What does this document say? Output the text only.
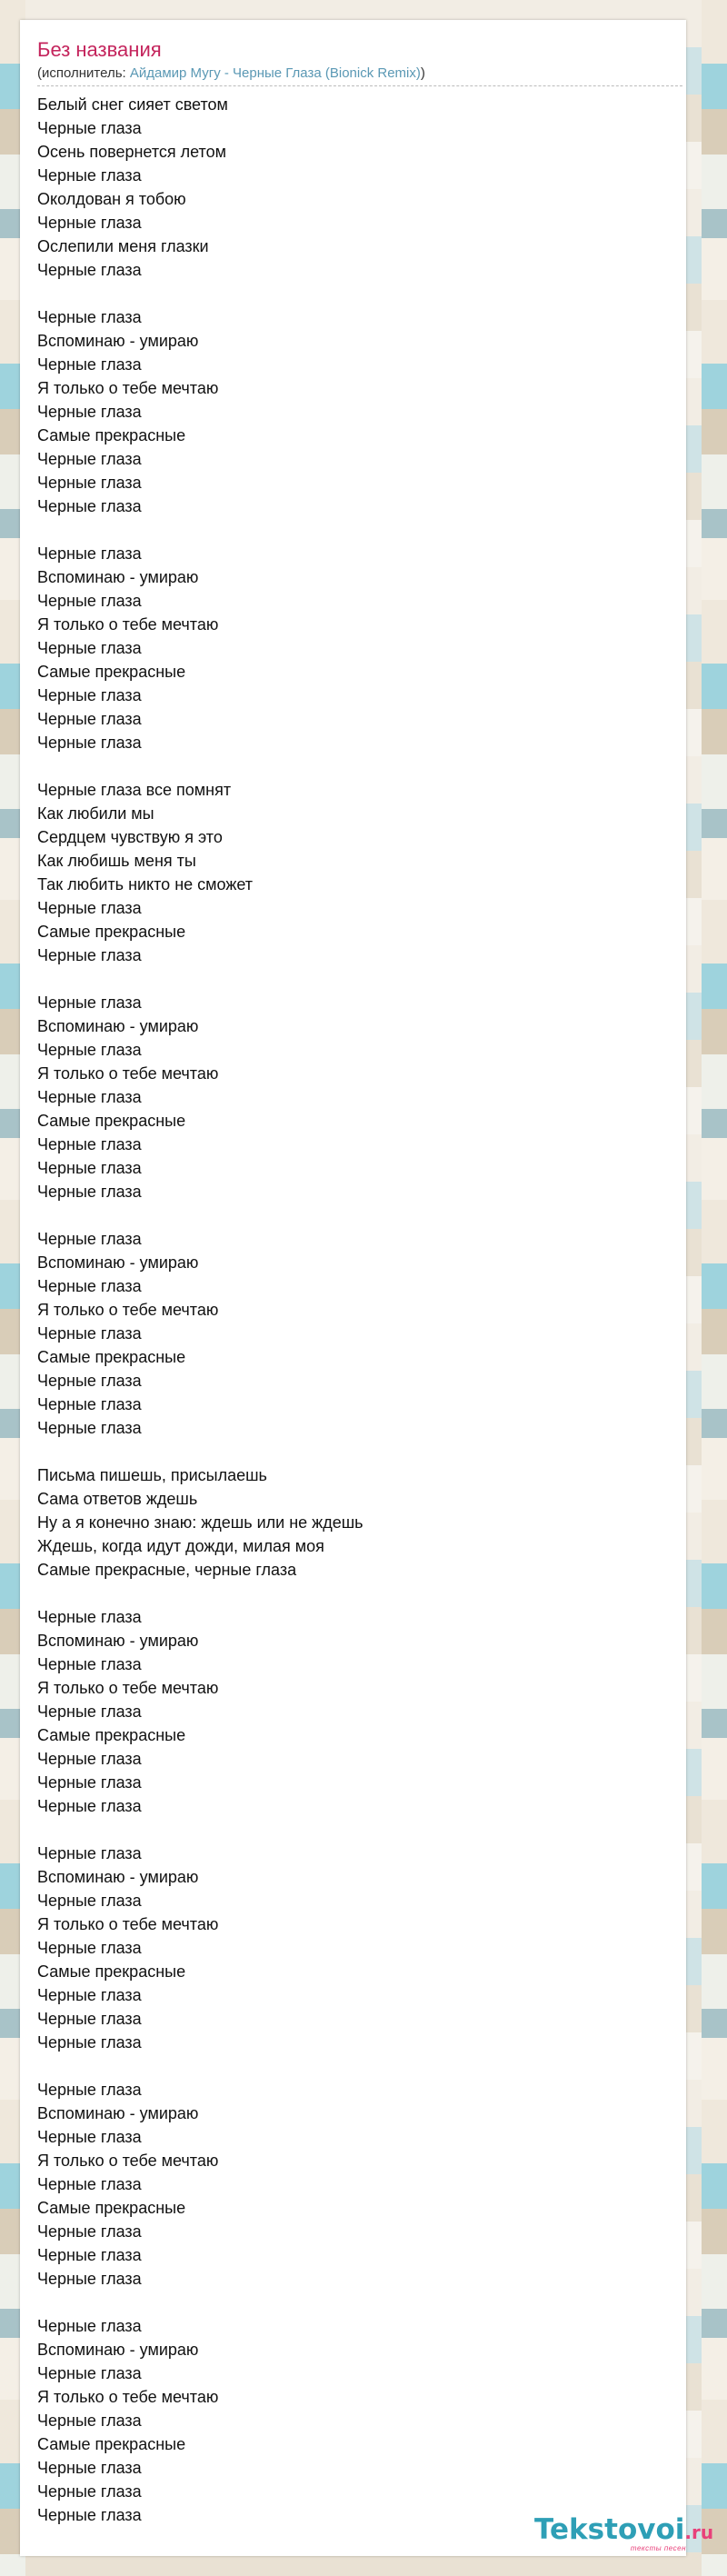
Без названия
(исполнитель: Айдамир Мугу - Черные Глаза (Bionick Remix))
Белый снег сияет светом
Черные глаза
Осень повернется летом
Черные глаза
Околдован я тобою
Черные глаза
Ослепили меня глазки
Черные глаза
Черные глаза
Вспоминаю - умираю
Черные глаза
Я только о тебе мечтаю
Черные глаза
Самые прекрасные
Черные глаза
Черные глаза
Черные глаза
Черные глаза
Вспоминаю - умираю
Черные глаза
Я только о тебе мечтаю
Черные глаза
Самые прекрасные
Черные глаза
Черные глаза
Черные глаза
Черные глаза все помнят
Как любили мы
Сердцем чувствую я это
Как любишь меня ты
Так любить никто не сможет
Черные глаза
Самые прекрасные
Черные глаза
Черные глаза
Вспоминаю - умираю
Черные глаза
Я только о тебе мечтаю
Черные глаза
Самые прекрасные
Черные глаза
Черные глаза
Черные глаза
Черные глаза
Вспоминаю - умираю
Черные глаза
Я только о тебе мечтаю
Черные глаза
Самые прекрасные
Черные глаза
Черные глаза
Черные глаза
Письма пишешь, присылаешь
Сама ответов ждешь
Ну а я конечно знаю: ждешь или не ждешь
Ждешь, когда идут дожди, милая моя
Самые прекрасные, черные глаза
Черные глаза
Вспоминаю - умираю
Черные глаза
Я только о тебе мечтаю
Черные глаза
Самые прекрасные
Черные глаза
Черные глаза
Черные глаза
Черные глаза
Вспоминаю - умираю
Черные глаза
Я только о тебе мечтаю
Черные глаза
Самые прекрасные
Черные глаза
Черные глаза
Черные глаза
Черные глаза
Вспоминаю - умираю
Черные глаза
Я только о тебе мечтаю
Черные глаза
Самые прекрасные
Черные глаза
Черные глаза
Черные глаза
Черные глаза
Вспоминаю - умираю
Черные глаза
Я только о тебе мечтаю
Черные глаза
Самые прекрасные
Черные глаза
Черные глаза
Черные глаза	Tekstovoi.ru
тексты песен
